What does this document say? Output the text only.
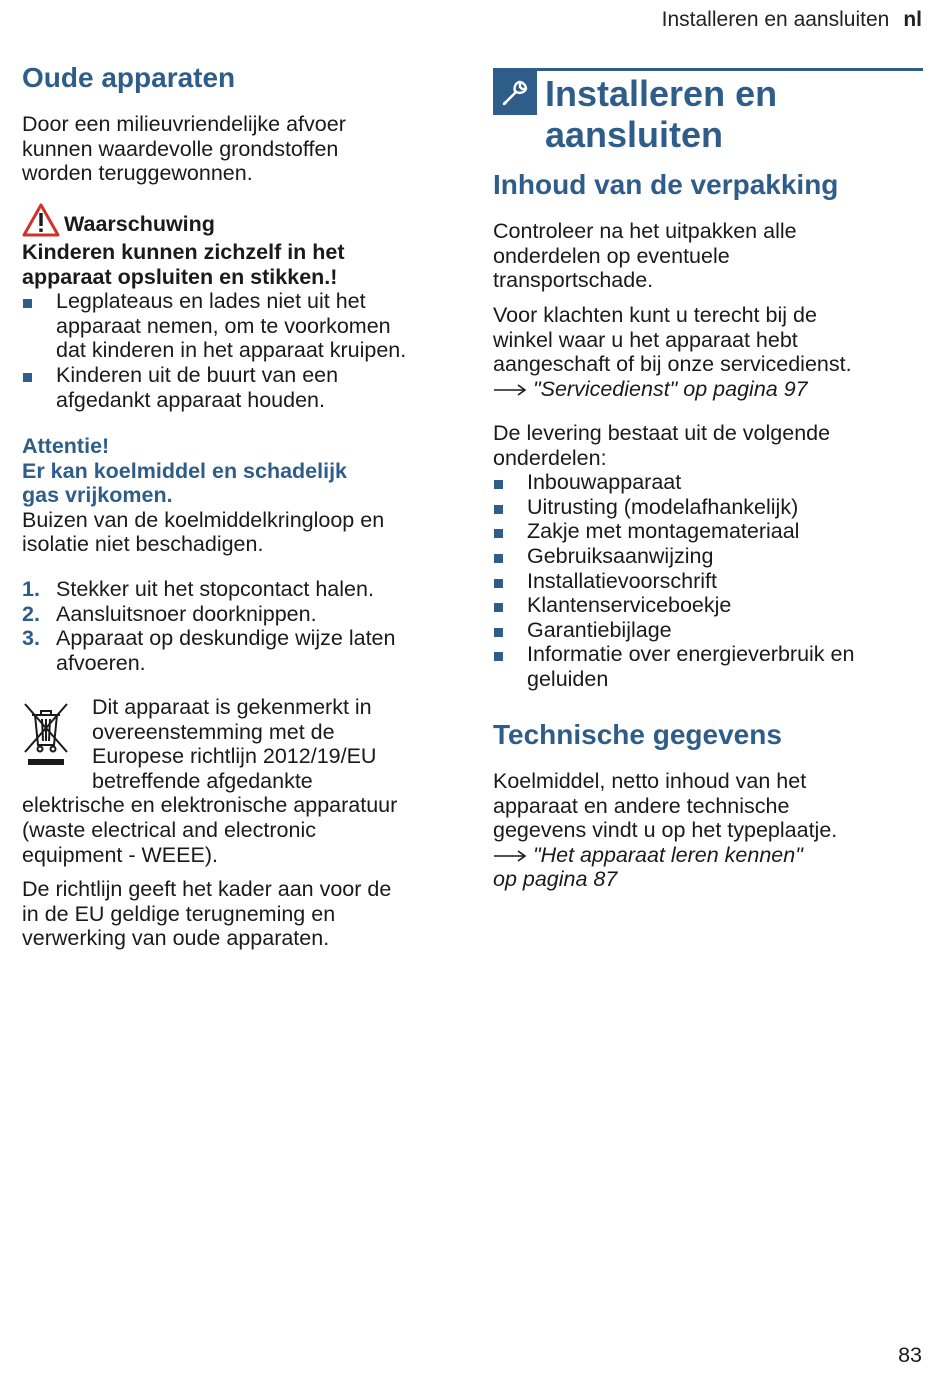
Installeren en aansluiten nl
Oude apparaten

Door een milieuvriendelijke afvoer

kunnen waardevolle grondstoffen

worden teruggewonnen.

Waarschuwing

Kinderen kunnen zichzelf in het

apparaat opsluiten en stikken.!

Legplateaus en lades niet uit het
apparaat nemen, om te voorkomen
dat kinderen in het apparaat kruipen.
Kinderen uit de buurt van een
afgedankt apparaat houden.

Attentie!

Er kan koelmiddel en schadelijk

gas vrijkomen.

Buizen van de koelmiddelkringloop en

isolatie niet beschadigen.

1. Stekker uit het stopcontact halen.
2. Aansluitsnoer doorknippen.
3. Apparaat op deskundige wijze laten
afvoeren.

Dit apparaat is gekenmerkt in

overeenstemming met de

Europese richtlijn 2012/19/EU

betreffende afgedankte

elektrische en elektronische apparatuur

(waste electrical and electronic

equipment - WEEE).

De richtlijn geeft het kader aan voor de

in de EU geldige terugneming en

verwerking van oude apparaten.

Installeren en
aansluiten
Inhoud van de verpakking

Controleer na het uitpakken alle

onderdelen op eventuele

transportschade.

Voor klachten kunt u terecht bij de

winkel waar u het apparaat hebt

aangeschaft of bij onze servicedienst.

"Servicedienst" op pagina 97

De levering bestaat uit de volgende

onderdelen:

Inbouwapparaat
Uitrusting (modelafhankelijk)
Zakje met montagemateriaal
Gebruiksaanwijzing
Installatievoorschrift
Klantenserviceboekje
Garantiebijlage
Informatie over energieverbruik en
geluiden
Technische gegevens

Koelmiddel, netto inhoud van het

apparaat en andere technische

gegevens vindt u op het typeplaatje.

"Het apparaat leren kennen"

op pagina 87

83
